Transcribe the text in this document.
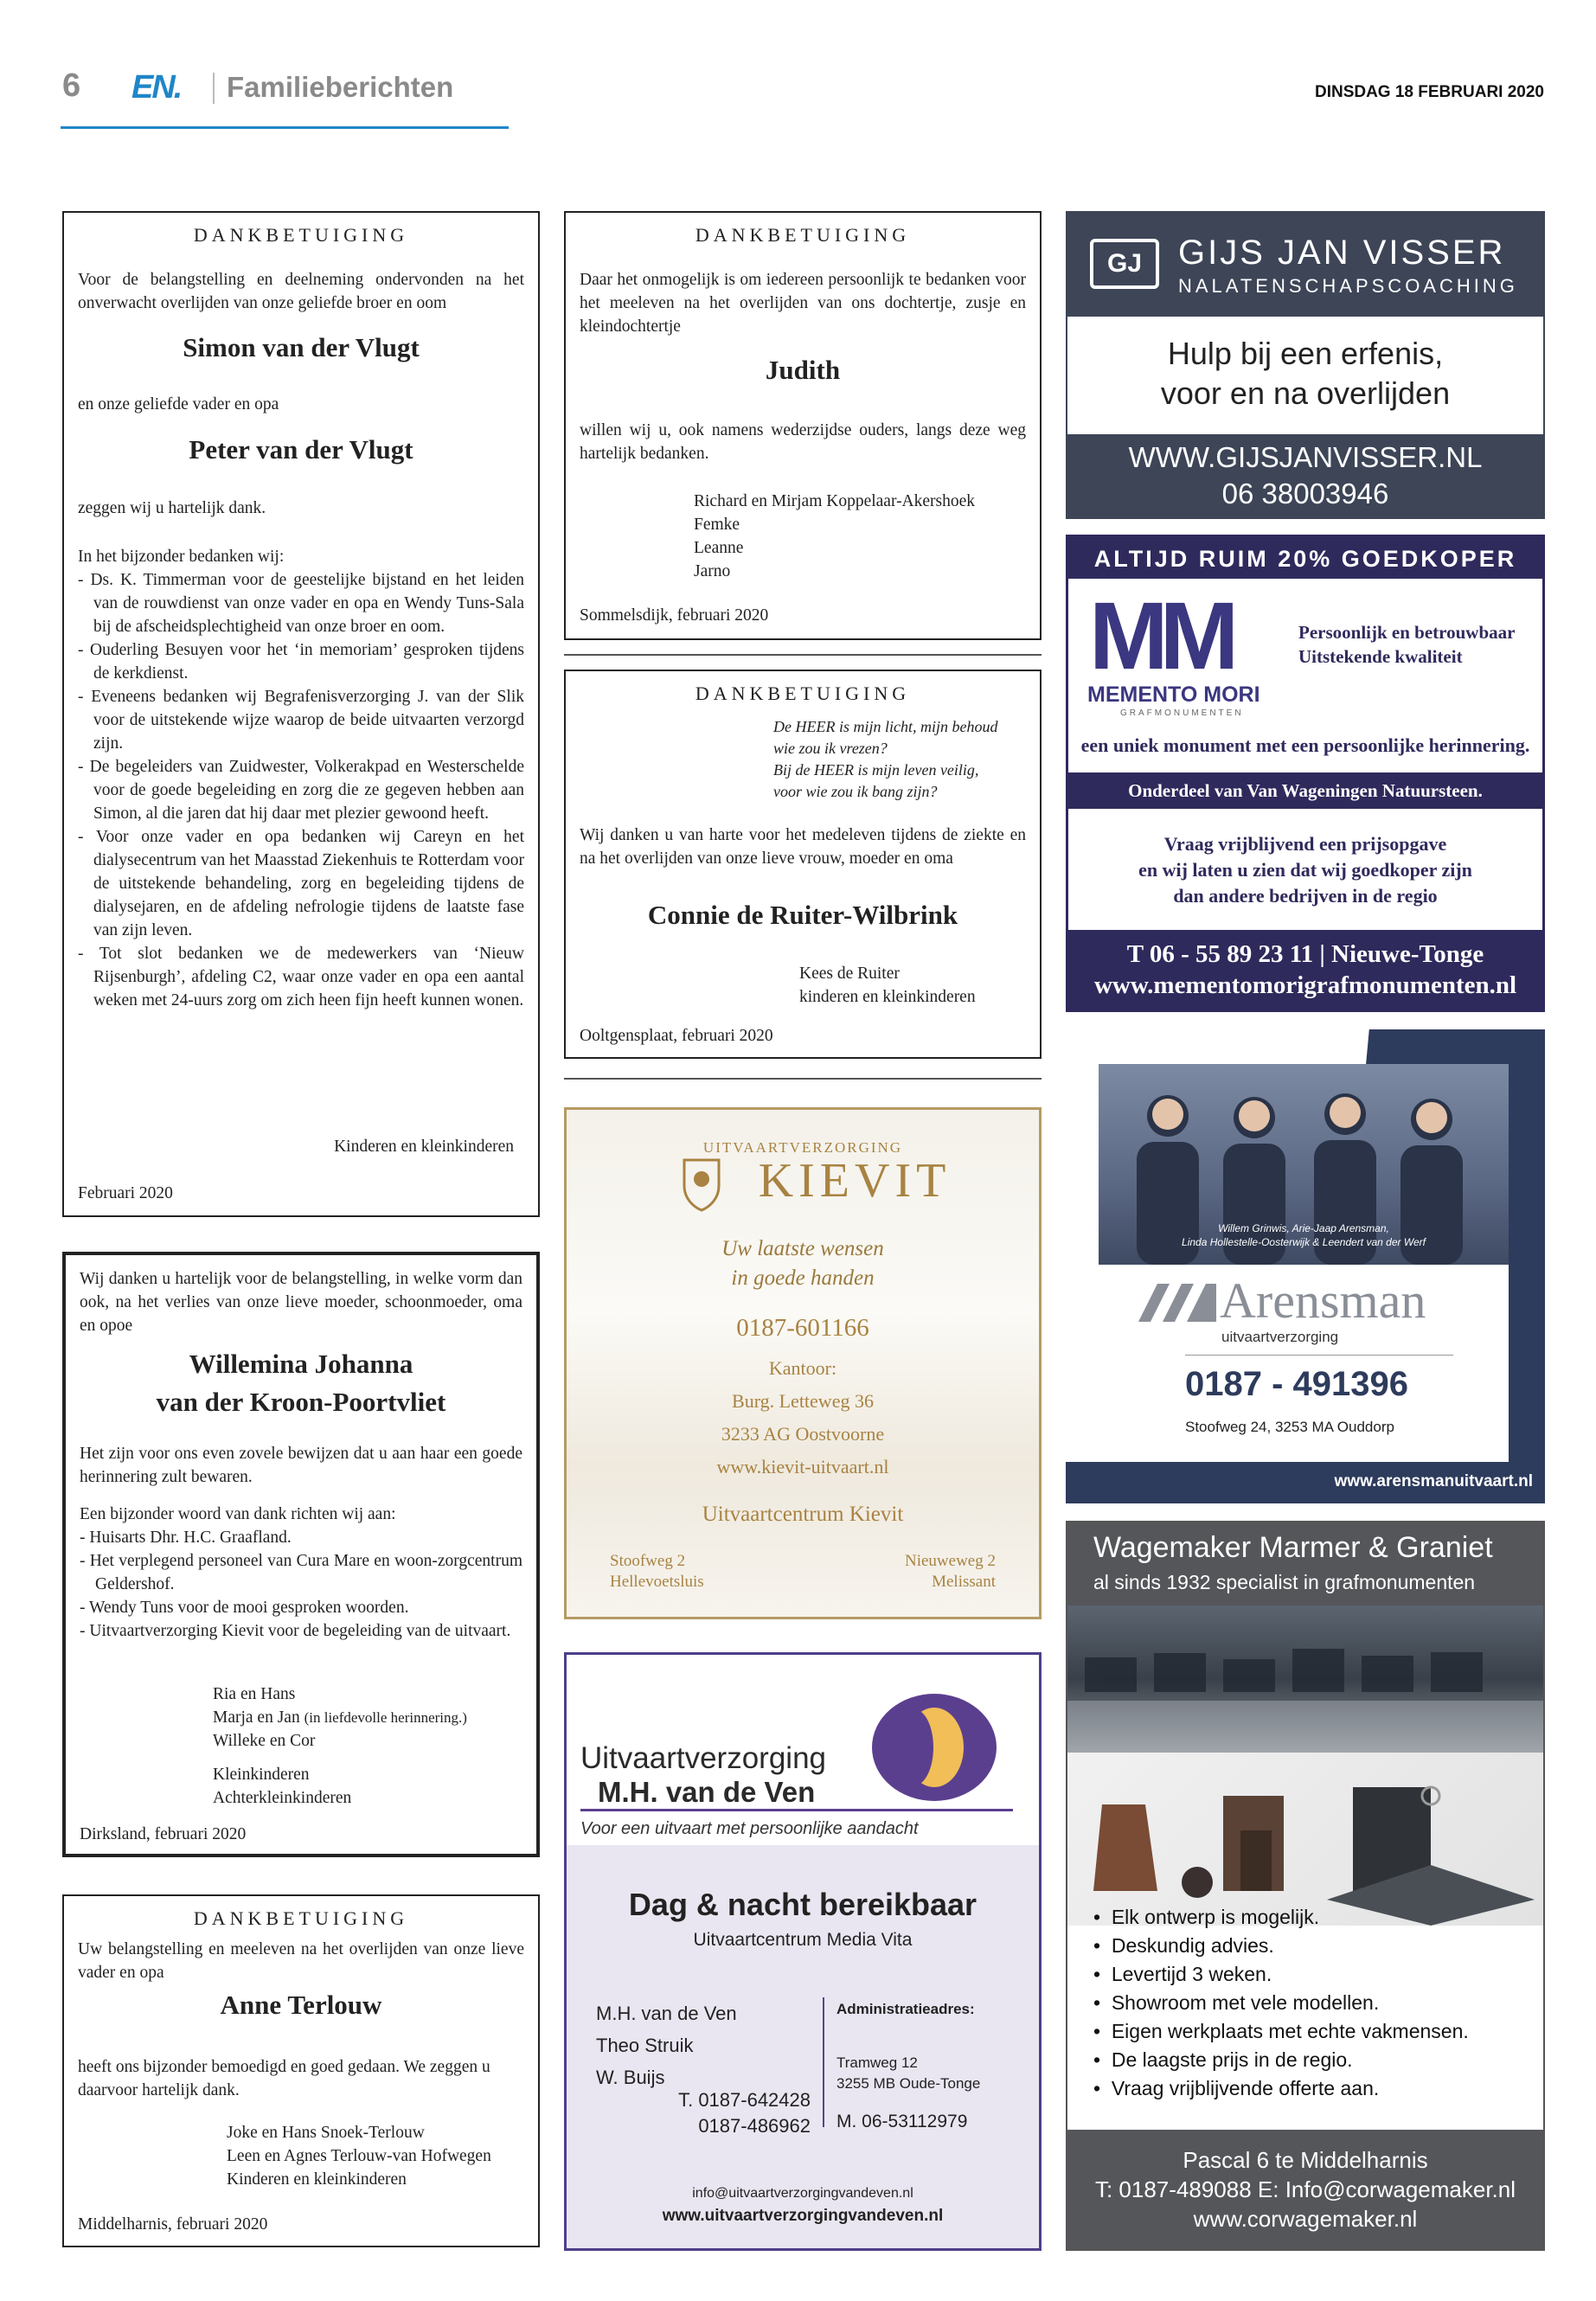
6 EN. Familieberichten	DINSDAG 18 FEBRUARI 2020
DANKBETUIGING
Voor de belangstelling en deelneming ondervonden na het onverwacht overlijden van onze geliefde broer en oom
Simon van der Vlugt
en onze geliefde vader en opa
Peter van der Vlugt
zeggen wij u hartelijk dank.
In het bijzonder bedanken wij:
- Ds. K. Timmerman voor de geestelijke bijstand en het leiden van de rouwdienst van onze vader en opa en Wendy Tuns-Sala bij de afscheidsplechtigheid van onze broer en oom.
- Ouderling Besuyen voor het ‘in memoriam’ gesproken tijdens de kerkdienst.
- Eveneens bedanken wij Begrafenisverzorging J. van der Slik voor de uitstekende wijze waarop de beide uitvaarten verzorgd zijn.
- De begeleiders van Zuidwester, Volkerakpad en Westerschelde voor de goede begeleiding en zorg die ze gegeven hebben aan Simon, al die jaren dat hij daar met plezier gewoond heeft.
- Voor onze vader en opa bedanken wij Careyn en het dialysecentrum van het Maasstad Ziekenhuis te Rotterdam voor de uitstekende behandeling, zorg en begeleiding tijdens de dialysejaren, en de afdeling nefrologie tijdens de laatste fase van zijn leven.
- Tot slot bedanken we de medewerkers van ‘Nieuw Rijsenburgh’, afdeling C2, waar onze vader en opa een aantal weken met 24-uurs zorg om zich heen fijn heeft kunnen wonen.
Kinderen en kleinkinderen
Februari 2020
Wij danken u hartelijk voor de belangstelling, in welke vorm dan ook, na het verlies van onze lieve moeder, schoonmoeder, oma en opoe
Willemina Johanna
van der Kroon-Poortvliet
Het zijn voor ons even zovele bewijzen dat u aan haar een goede herinnering zult bewaren.
Een bijzonder woord van dank richten wij aan:
- Huisarts Dhr. H.C. Graafland.
- Het verplegend personeel van Cura Mare en woon-zorgcentrum Geldershof.
- Wendy Tuns voor de mooi gesproken woorden.
- Uitvaartverzorging Kievit voor de begeleiding van de uitvaart.
Ria en Hans
Marja en Jan (in liefdevolle herinnering.)
Willeke en Cor
Kleinkinderen
Achterkleinkinderen
Dirksland, februari 2020
DANKBETUIGING
Uw belangstelling en meeleven na het overlijden van onze lieve vader en opa
Anne Terlouw
heeft ons bijzonder bemoedigd en goed gedaan. We zeggen u daarvoor hartelijk dank.
Joke en Hans Snoek-Terlouw
Leen en Agnes Terlouw-van Hofwegen
Kinderen en kleinkinderen
Middelharnis, februari 2020
DANKBETUIGING
Daar het onmogelijk is om iedereen persoonlijk te bedanken voor het meeleven na het overlijden van ons dochtertje, zusje en kleindochtertje
Judith
willen wij u, ook namens wederzijdse ouders, langs deze weg hartelijk bedanken.
Richard en Mirjam Koppelaar-Akershoek
Femke
Leanne
Jarno
Sommelsdijk, februari 2020
DANKBETUIGING
De HEER is mijn licht, mijn behoud
wie zou ik vrezen?
Bij de HEER is mijn leven veilig,
voor wie zou ik bang zijn?
Wij danken u van harte voor het medeleven tijdens de ziekte en na het overlijden van onze lieve vrouw, moeder en oma
Connie de Ruiter-Wilbrink
Kees de Ruiter
kinderen en kleinkinderen
Ooltgensplaat, februari 2020
UITVAARTVERZORGING
KIEVIT
Uw laatste wensen
in goede handen
0187-601166
Kantoor:
Burg. Letteweg 36
3233 AG Oostvoorne
www.kievit-uitvaart.nl
Uitvaartcentrum Kievit
Stoofweg 2
Hellevoetsluis
Nieuweweg 2
Melissant
Uitvaartverzorging
M.H. van de Ven
Voor een uitvaart met persoonlijke aandacht
Dag & nacht bereikbaar
Uitvaartcentrum Media Vita
M.H. van de Ven
Theo Struik
W. Buijs
T. 0187-642428
0187-486962
Administratieadres:
Tramweg 12
3255 MB Oude-Tonge
M. 06-53112979
info@uitvaartverzorgingvandeven.nl
www.uitvaartverzorgingvandeven.nl
GJ	GIJS JAN VISSER
NALATENSCHAPSCOACHING
Hulp bij een erfenis,
voor en na overlijden
WWW.GIJSJANVISSER.NL
06 38003946
ALTIJD RUIM 20% GOEDKOPER
MM
MEMENTO MORI
GRAFMONUMENTEN
Persoonlijk en betrouwbaar
Uitstekende kwaliteit
een uniek monument met een persoonlijke herinnering.
Onderdeel van Van Wageningen Natuursteen.
Vraag vrijblijvend een prijsopgave
en wij laten u zien dat wij goedkoper zijn
dan andere bedrijven in de regio
T 06 - 55 89 23 11 | Nieuwe-Tonge
www.mementomorigrafmonumenten.nl
Willem Grinwis, Arie-Jaap Arensman,
Linda Hollestelle-Oosterwijk & Leendert van der Werf
Arensman
uitvaartverzorging
0187 - 491396
Stoofweg 24, 3253 MA Ouddorp
www.arensmanuitvaart.nl
Wagemaker Marmer & Graniet
al sinds 1932 specialist in grafmonumenten
•  Elk ontwerp is mogelijk.
•  Deskundig advies.
•  Levertijd 3 weken.
•  Showroom met vele modellen.
•  Eigen werkplaats met echte vakmensen.
•  De laagste prijs in de regio.
•  Vraag vrijblijvende offerte aan.
Pascal 6 te Middelharnis
T: 0187-489088 E: Info@corwagemaker.nl
www.corwagemaker.nl
